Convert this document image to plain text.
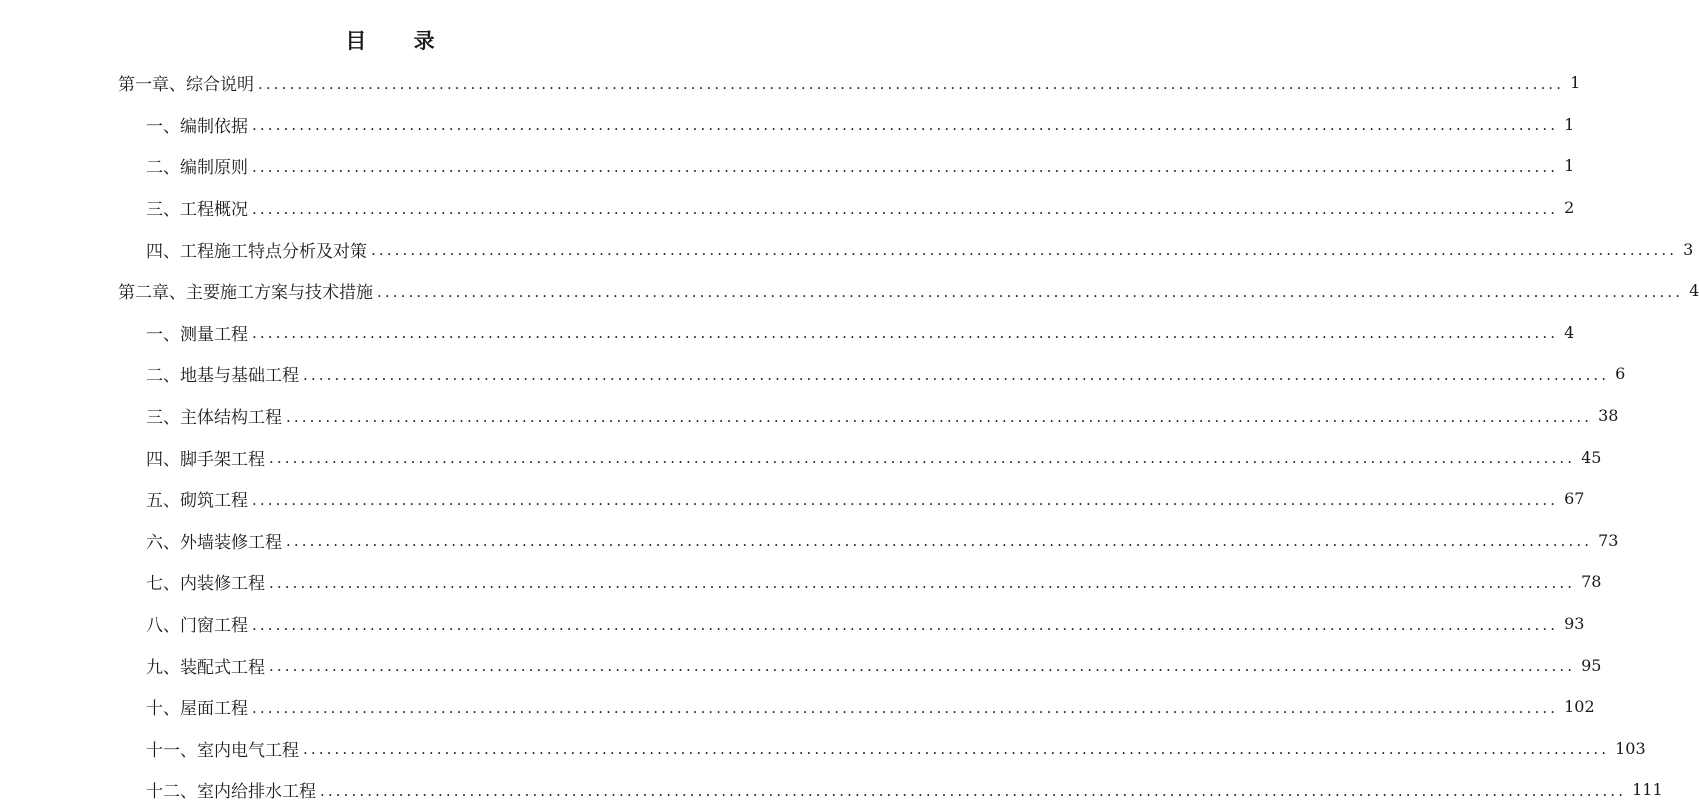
目 录
第一章、综合说明 ...................................................................................................................................................................... 1
一、编制依据 ...................................................................................................................................................................... 1
二、编制原则 ...................................................................................................................................................................... 1
三、工程概况 ...................................................................................................................................................................... 2
四、工程施工特点分析及对策 ...................................................................................................................................................................... 3
第二章、主要施工方案与技术措施 ...................................................................................................................................................................... 4
一、测量工程 ...................................................................................................................................................................... 4
二、地基与基础工程 ...................................................................................................................................................................... 6
三、主体结构工程 ...................................................................................................................................................................... 38
四、脚手架工程 ...................................................................................................................................................................... 45
五、砌筑工程 ...................................................................................................................................................................... 67
六、外墙装修工程 ...................................................................................................................................................................... 73
七、内装修工程 ...................................................................................................................................................................... 78
八、门窗工程 ...................................................................................................................................................................... 93
九、装配式工程 ...................................................................................................................................................................... 95
十、屋面工程 ...................................................................................................................................................................... 102
十一、室内电气工程 ...................................................................................................................................................................... 103
十二、室内给排水工程 ...................................................................................................................................................................... 111
